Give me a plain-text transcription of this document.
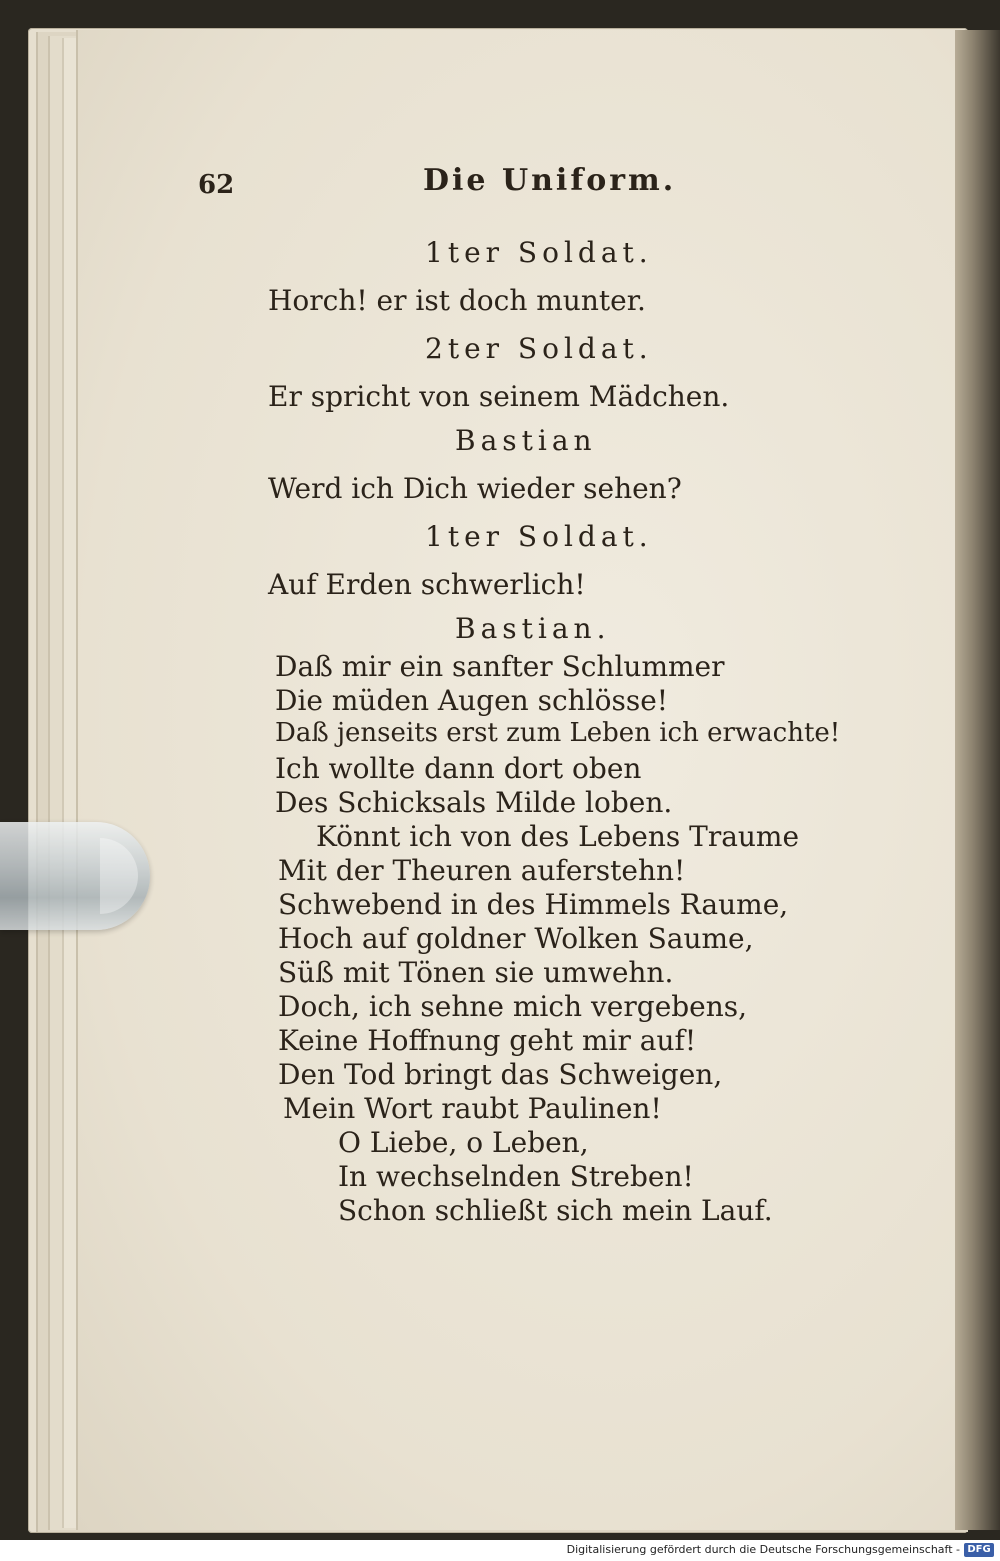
62	Die Uniform.
1ter Soldat.
Horch! er ist doch munter.
2ter Soldat.
Er spricht von seinem Mädchen.
Bastian
Werd ich Dich wieder sehen?
1ter Soldat.
Auf Erden schwerlich!
Bastian.
Daß mir ein sanfter Schlummer
Die müden Augen schlösse!
Daß jenseits erst zum Leben ich erwachte!
Ich wollte dann dort oben
Des Schicksals Milde loben.
Könnt ich von des Lebens Traume
Mit der Theuren auferstehn!
Schwebend in des Himmels Raume,
Hoch auf goldner Wolken Saume,
Süß mit Tönen sie umwehn.
Doch, ich sehne mich vergebens,
Keine Hoffnung geht mir auf!
Den Tod bringt das Schweigen,
Mein Wort raubt Paulinen!
O Liebe, o Leben,
In wechselnden Streben!
Schon schließt sich mein Lauf.
Digitalisierung gefördert durch die Deutsche Forschungsgemeinschaft - DFG
